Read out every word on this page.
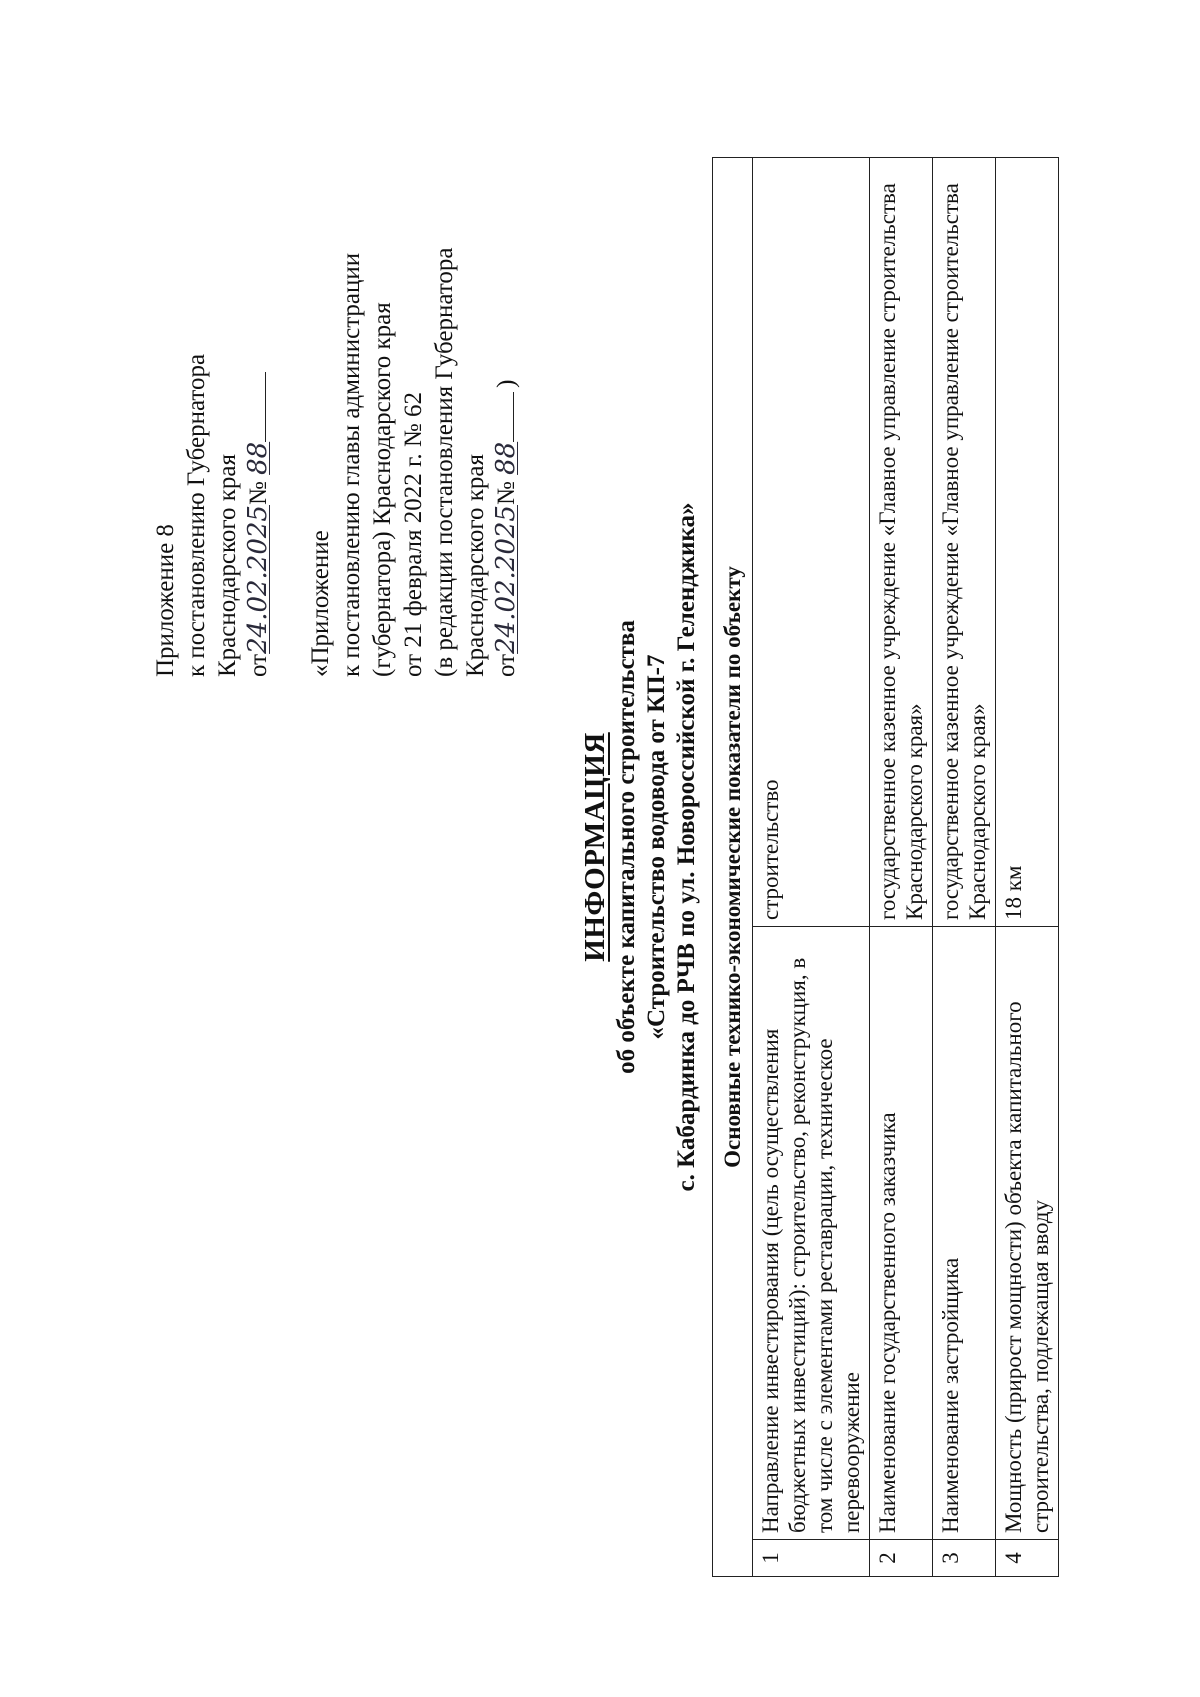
Приложение 8 к постановлению Губернатора Краснодарского края от24.02.2025№ 88
«Приложение к постановлению главы администрации (губернатора) Краснодарского края от 21 февраля 2022 г. № 62 (в редакции постановления Губернатора Краснодарского края от24.02.2025№ 88)
ИНФОРМАЦИЯ об объекте капитального строительства «Строительство водовода от КП-7 с. Кабардинка до РЧВ по ул. Новороссийской г. Геленджика» Основные технико-экономические показатели по объекту		
1	Направление инвестирования (цель осуществления бюджетных инвестиций): строительство, реконструкция, в том числе с элементами реставрации, техническое перевооружение	строительство
2	Наименование государственного заказчика	государственное казенное учреждение «Главное управление строительства Краснодарского края»
3	Наименование застройщика	государственное казенное учреждение «Главное управление строительства Краснодарского края»
4	Мощность (прирост мощности) объекта капитального строительства, подлежащая вводу	18 км
